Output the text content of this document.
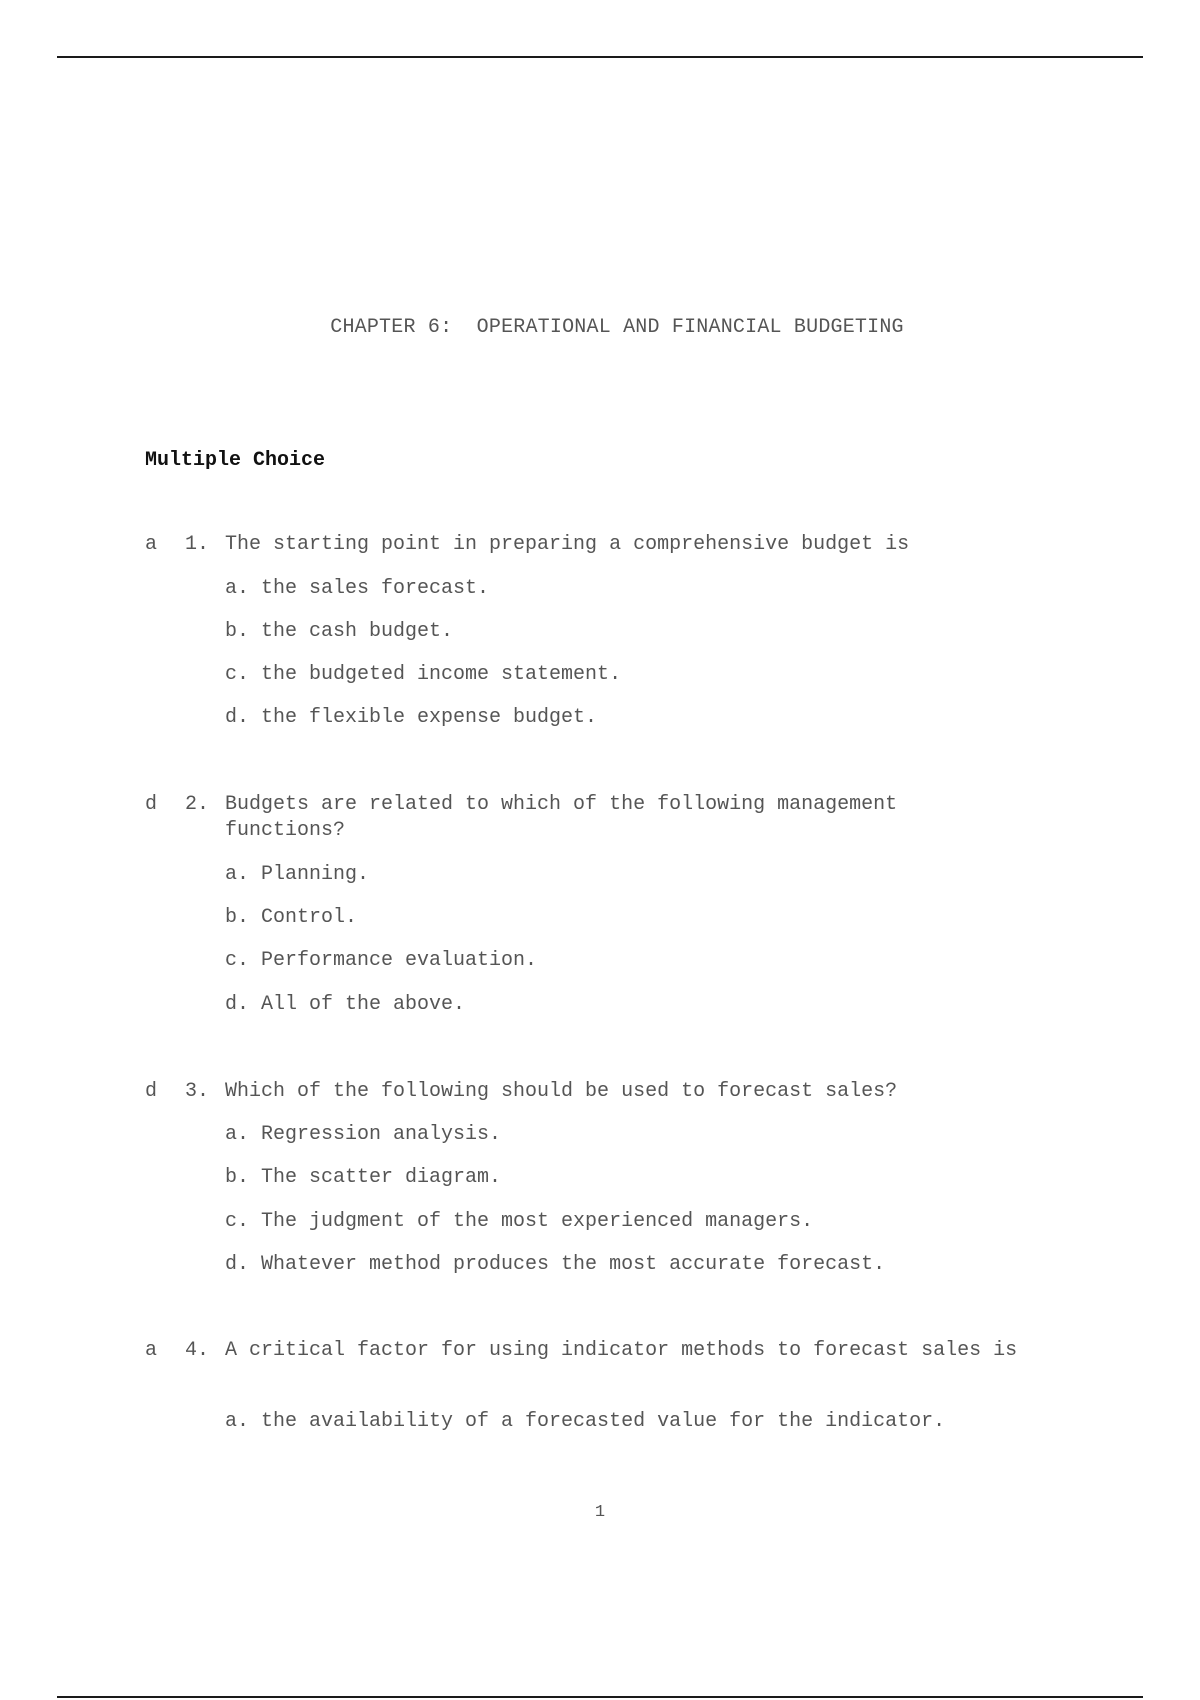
CHAPTER 6:  OPERATIONAL AND FINANCIAL BUDGETING
Multiple Choice
a	1. The starting point in preparing a comprehensive budget is
a. the sales forecast.
b. the cash budget.
c. the budgeted income statement.
d. the flexible expense budget.
d	2. Budgets are related to which of the following management functions?
a. Planning.
b. Control.
c. Performance evaluation.
d. All of the above.
d	3. Which of the following should be used to forecast sales?
a. Regression analysis.
b. The scatter diagram.
c. The judgment of the most experienced managers.
d. Whatever method produces the most accurate forecast.
a	4. A critical factor for using indicator methods to forecast sales is
a. the availability of a forecasted value for the indicator.
1
